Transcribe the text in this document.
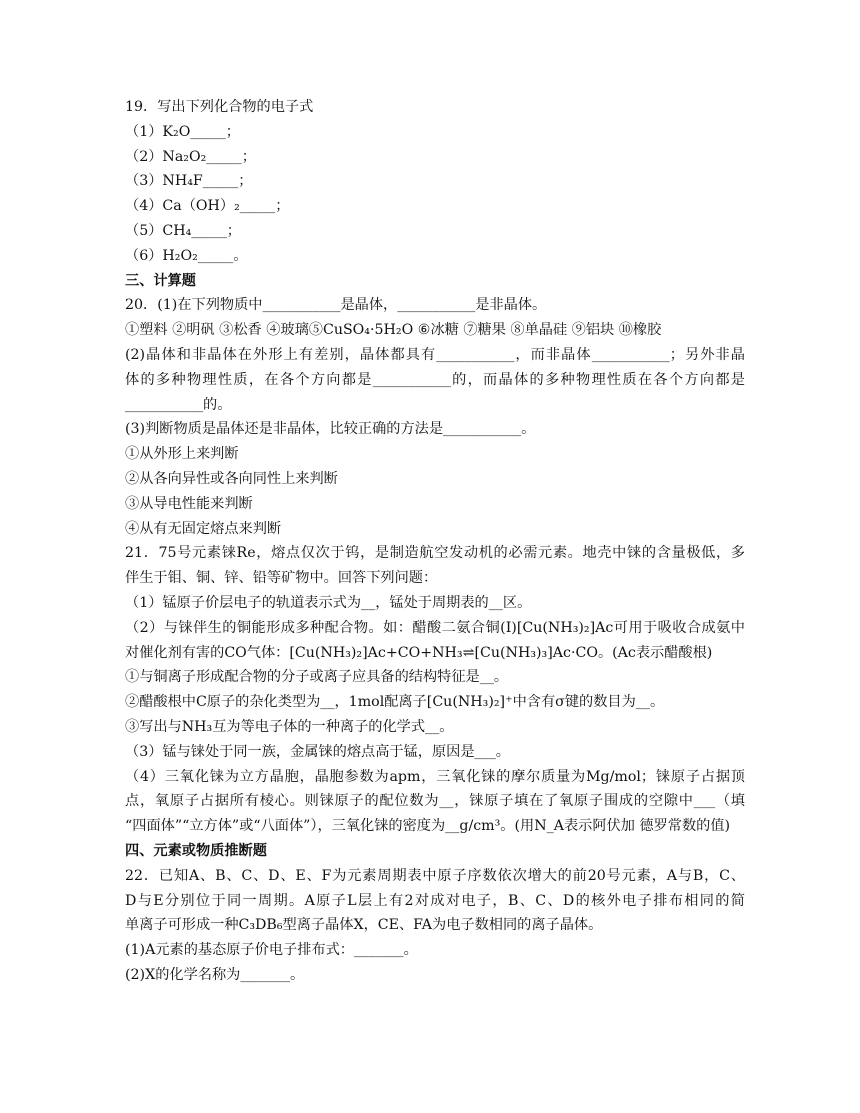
19．写出下列化合物的电子式
（1）K₂O_____；
（2）Na₂O₂_____；
（3）NH₄F_____；
（4）Ca（OH）₂_____；
（5）CH₄_____；
（6）H₂O₂_____。
三、计算题
20．(1)在下列物质中___________是晶体，___________是非晶体。
①塑料 ②明矾 ③松香 ④玻璃⑤CuSO₄·5H₂O ⑥冰糖 ⑦糖果 ⑧单晶硅 ⑨铝块 ⑩橡胶
(2)晶体和非晶体在外形上有差别，晶体都具有___________，而非晶体___________；另外非晶
体的多种物理性质，在各个方向都是___________的，而晶体的多种物理性质在各个方向都是
___________的。
(3)判断物质是晶体还是非晶体，比较正确的方法是___________。
①从外形上来判断
②从各向异性或各向同性上来判断
③从导电性能来判断
④从有无固定熔点来判断
21．75号元素铼Re，熔点仅次于钨，是制造航空发动机的必需元素。地壳中铼的含量极低，多
伴生于钼、铜、锌、铅等矿物中。回答下列问题：
（1）锰原子价层电子的轨道表示式为__，锰处于周期表的__区。
（2）与铼伴生的铜能形成多种配合物。如：醋酸二氨合铜(I)[Cu(NH₃)₂]Ac可用于吸收合成氨中
对催化剂有害的CO气体：[Cu(NH₃)₂]Ac+CO+NH₃⇌[Cu(NH₃)₃]Ac·CO。(Ac表示醋酸根)
①与铜离子形成配合物的分子或离子应具备的结构特征是__。
②醋酸根中C原子的杂化类型为__，1mol配离子[Cu(NH₃)₂]⁺中含有σ键的数目为__。
③写出与NH₃互为等电子体的一种离子的化学式__。
（3）锰与铼处于同一族，金属铼的熔点高于锰，原因是___。
（4）三氧化铼为立方晶胞，晶胞参数为apm，三氧化铼的摩尔质量为Mg/mol；铼原子占据顶
点，氧原子占据所有棱心。则铼原子的配位数为__，铼原子填在了氧原子围成的空隙中___（填
“四面体”“立方体”或“八面体”），三氧化铼的密度为__g/cm³。(用N_A表示阿伏加 德罗常数的值)
四、元素或物质推断题
22．已知A、B、C、D、E、F为元素周期表中原子序数依次增大的前20号元素，A与B，C、
D与E分别位于同一周期。A原子L层上有2对成对电子，B、C、D的核外电子排布相同的简
单离子可形成一种C₃DB₆型离子晶体X，CE、FA为电子数相同的离子晶体。
(1)A元素的基态原子价电子排布式：_______。
(2)X的化学名称为_______。
